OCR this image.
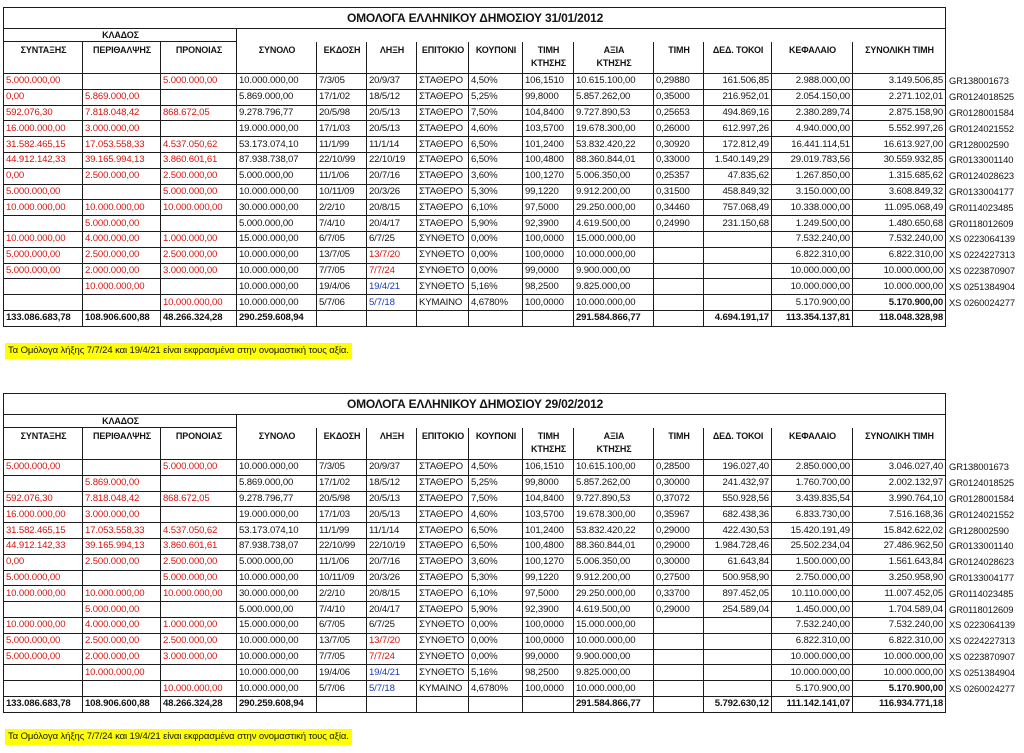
ΟΜΟΛΟΓΑ ΕΛΛΗΝΙΚΟΥ ΔΗΜΟΣΙΟΥ 31/01/2012														
ΚΛΑΔΟΣ														
ΣΥΝΤΑΞΗΣ	ΠΕΡΙΘΑΛΨΗΣ	ΠΡΟΝΟΙΑΣ	ΣΥΝΟΛΟ	ΕΚΔΟΣΗ	ΛΗΞΗ	ΕΠΙΤΟΚΙΟ	ΚΟΥΠΟΝΙ	ΤΙΜΗ
ΚΤΗΣΗΣ	ΑΞΙΑ
ΚΤΗΣΗΣ	ΤΙΜΗ	ΔΕΔ. ΤΟΚΟΙ	ΚΕΦΑΛΑΙΟ	ΣΥΝΟΛΙΚΗ ΤΙΜΗ	
5.000.000,00		5.000.000,00	10.000.000,00	7/3/05	20/9/37	ΣΤΑΘΕΡΟ	4,50%	106,1510	10.615.100,00	0,29880	161.506,85	2.988.000,00	3.149.506,85	GR138001673
0,00	5.869.000,00		5.869.000,00	17/1/02	18/5/12	ΣΤΑΘΕΡΟ	5,25%	99,8000	5.857.262,00	0,35000	216.952,01	2.054.150,00	2.271.102,01	GR0124018525
592.076,30	7.818.048,42	868.672,05	9.278.796,77	20/5/98	20/5/13	ΣΤΑΘΕΡΟ	7,50%	104,8400	9.727.890,53	0,25653	494.869,16	2.380.289,74	2.875.158,90	GR0128001584
16.000.000,00	3.000.000,00		19.000.000,00	17/1/03	20/5/13	ΣΤΑΘΕΡΟ	4,60%	103,5700	19.678.300,00	0,26000	612.997,26	4.940.000,00	5.552.997,26	GR0124021552
31.582.465,15	17.053.558,33	4.537.050,62	53.173.074,10	11/1/99	11/1/14	ΣΤΑΘΕΡΟ	6,50%	101,2400	53.832.420,22	0,30920	172.812,49	16.441.114,51	16.613.927,00	GR128002590
44.912.142,33	39.165.994,13	3.860.601,61	87.938.738,07	22/10/99	22/10/19	ΣΤΑΘΕΡΟ	6,50%	100,4800	88.360.844,01	0,33000	1.540.149,29	29.019.783,56	30.559.932,85	GR0133001140
0,00	2.500.000,00	2.500.000,00	5.000.000,00	11/1/06	20/7/16	ΣΤΑΘΕΡΟ	3,60%	100,1270	5.006.350,00	0,25357	47.835,62	1.267.850,00	1.315.685,62	GR0124028623
5.000.000,00		5.000.000,00	10.000.000,00	10/11/09	20/3/26	ΣΤΑΘΕΡΟ	5,30%	99,1220	9.912.200,00	0,31500	458.849,32	3.150.000,00	3.608.849,32	GR0133004177
10.000.000,00	10.000.000,00	10.000.000,00	30.000.000,00	2/2/10	20/8/15	ΣΤΑΘΕΡΟ	6,10%	97,5000	29.250.000,00	0,34460	757.068,49	10.338.000,00	11.095.068,49	GR0114023485
	5.000.000,00		5.000.000,00	7/4/10	20/4/17	ΣΤΑΘΕΡΟ	5,90%	92,3900	4.619.500,00	0,24990	231.150,68	1.249.500,00	1.480.650,68	GR0118012609
10.000.000,00	4.000.000,00	1.000.000,00	15.000.000,00	6/7/05	6/7/25	ΣΥΝΘΕΤΟ	0,00%	100,0000	15.000.000,00			7.532.240,00	7.532.240,00	XS 0223064139
5.000.000,00	2.500.000,00	2.500.000,00	10.000.000,00	13/7/05	13/7/20	ΣΥΝΘΕΤΟ	0,00%	100,0000	10.000.000,00			6.822.310,00	6.822.310,00	XS 0224227313
5.000.000,00	2.000.000,00	3.000.000,00	10.000.000,00	7/7/05	7/7/24	ΣΥΝΘΕΤΟ	0,00%	99,0000	9.900.000,00			10.000.000,00	10.000.000,00	XS 0223870907
	10.000.000,00		10.000.000,00	19/4/06	19/4/21	ΣΥΝΘΕΤΟ	5,16%	98,2500	9.825.000,00			10.000.000,00	10.000.000,00	XS 0251384904
		10.000.000,00	10.000.000,00	5/7/06	5/7/18	ΚΥΜΑΙΝΟ	4,6780%	100,0000	10.000.000,00			5.170.900,00	5.170.900,00	XS 0260024277
133.086.683,78	108.906.600,88	48.266.324,28	290.259.608,94						291.584.866,77		4.694.191,17	113.354.137,81	118.048.328,98	
Τα Ομόλογα λήξης 7/7/24 και 19/4/21 είναι εκφρασμένα στην ονομαστική τους αξία.
ΟΜΟΛΟΓΑ ΕΛΛΗΝΙΚΟΥ ΔΗΜΟΣΙΟΥ 29/02/2012														
ΚΛΑΔΟΣ														
ΣΥΝΤΑΞΗΣ	ΠΕΡΙΘΑΛΨΗΣ	ΠΡΟΝΟΙΑΣ	ΣΥΝΟΛΟ	ΕΚΔΟΣΗ	ΛΗΞΗ	ΕΠΙΤΟΚΙΟ	ΚΟΥΠΟΝΙ	ΤΙΜΗ
ΚΤΗΣΗΣ	ΑΞΙΑ
ΚΤΗΣΗΣ	ΤΙΜΗ	ΔΕΔ. ΤΟΚΟΙ	ΚΕΦΑΛΑΙΟ	ΣΥΝΟΛΙΚΗ ΤΙΜΗ	
5.000.000,00		5.000.000,00	10.000.000,00	7/3/05	20/9/37	ΣΤΑΘΕΡΟ	4,50%	106,1510	10.615.100,00	0,28500	196.027,40	2.850.000,00	3.046.027,40	GR138001673
	5.869.000,00		5.869.000,00	17/1/02	18/5/12	ΣΤΑΘΕΡΟ	5,25%	99,8000	5.857.262,00	0,30000	241.432,97	1.760.700,00	2.002.132,97	GR0124018525
592.076,30	7.818.048,42	868.672,05	9.278.796,77	20/5/98	20/5/13	ΣΤΑΘΕΡΟ	7,50%	104,8400	9.727.890,53	0,37072	550.928,56	3.439.835,54	3.990.764,10	GR0128001584
16.000.000,00	3.000.000,00		19.000.000,00	17/1/03	20/5/13	ΣΤΑΘΕΡΟ	4,60%	103,5700	19.678.300,00	0,35967	682.438,36	6.833.730,00	7.516.168,36	GR0124021552
31.582.465,15	17.053.558,33	4.537.050,62	53.173.074,10	11/1/99	11/1/14	ΣΤΑΘΕΡΟ	6,50%	101,2400	53.832.420,22	0,29000	422.430,53	15.420.191,49	15.842.622,02	GR128002590
44.912.142,33	39.165.994,13	3.860.601,61	87.938.738,07	22/10/99	22/10/19	ΣΤΑΘΕΡΟ	6,50%	100,4800	88.360.844,01	0,29000	1.984.728,46	25.502.234,04	27.486.962,50	GR0133001140
0,00	2.500.000,00	2.500.000,00	5.000.000,00	11/1/06	20/7/16	ΣΤΑΘΕΡΟ	3,60%	100,1270	5.006.350,00	0,30000	61.643,84	1.500.000,00	1.561.643,84	GR0124028623
5.000.000,00		5.000.000,00	10.000.000,00	10/11/09	20/3/26	ΣΤΑΘΕΡΟ	5,30%	99,1220	9.912.200,00	0,27500	500.958,90	2.750.000,00	3.250.958,90	GR0133004177
10.000.000,00	10.000.000,00	10.000.000,00	30.000.000,00	2/2/10	20/8/15	ΣΤΑΘΕΡΟ	6,10%	97,5000	29.250.000,00	0,33700	897.452,05	10.110.000,00	11.007.452,05	GR0114023485
	5.000.000,00		5.000.000,00	7/4/10	20/4/17	ΣΤΑΘΕΡΟ	5,90%	92,3900	4.619.500,00	0,29000	254.589,04	1.450.000,00	1.704.589,04	GR0118012609
10.000.000,00	4.000.000,00	1.000.000,00	15.000.000,00	6/7/05	6/7/25	ΣΥΝΘΕΤΟ	0,00%	100,0000	15.000.000,00			7.532.240,00	7.532.240,00	XS 0223064139
5.000.000,00	2.500.000,00	2.500.000,00	10.000.000,00	13/7/05	13/7/20	ΣΥΝΘΕΤΟ	0,00%	100,0000	10.000.000,00			6.822.310,00	6.822.310,00	XS 0224227313
5.000.000,00	2.000.000,00	3.000.000,00	10.000.000,00	7/7/05	7/7/24	ΣΥΝΘΕΤΟ	0,00%	99,0000	9.900.000,00			10.000.000,00	10.000.000,00	XS 0223870907
	10.000.000,00		10.000.000,00	19/4/06	19/4/21	ΣΥΝΘΕΤΟ	5,16%	98,2500	9.825.000,00			10.000.000,00	10.000.000,00	XS 0251384904
		10.000.000,00	10.000.000,00	5/7/06	5/7/18	ΚΥΜΑΙΝΟ	4,6780%	100,0000	10.000.000,00			5.170.900,00	5.170.900,00	XS 0260024277
133.086.683,78	108.906.600,88	48.266.324,28	290.259.608,94						291.584.866,77		5.792.630,12	111.142.141,07	116.934.771,18	
Τα Ομόλογα λήξης 7/7/24 και 19/4/21 είναι εκφρασμένα στην ονομαστική τους αξία.
